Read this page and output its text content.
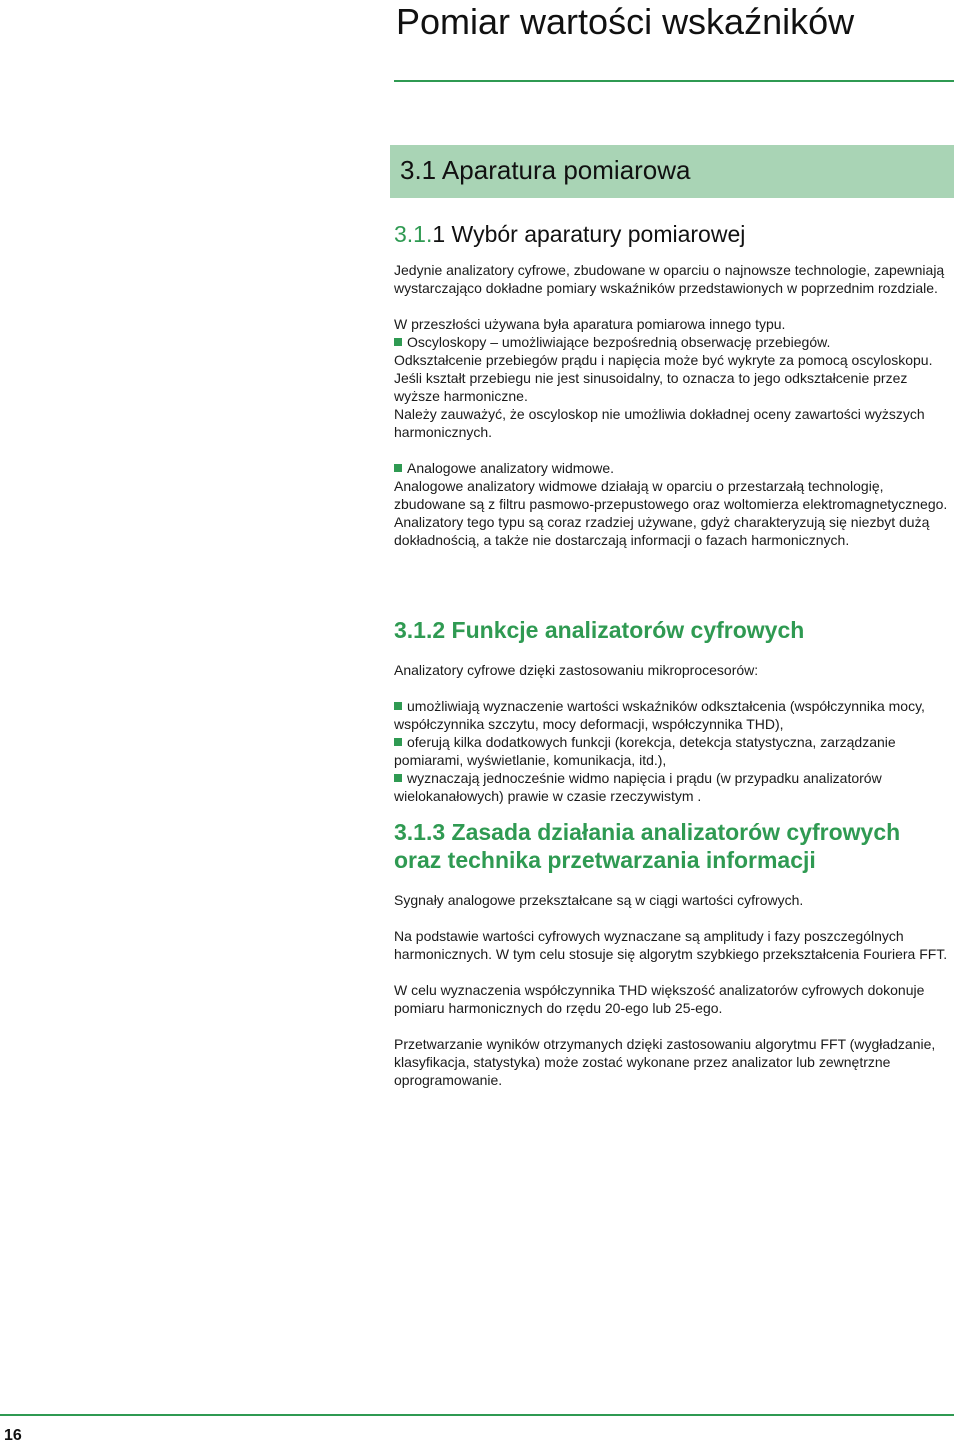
Pomiar wartości wskaźników
3.1 Aparatura pomiarowa
3.1.1 Wybór aparatury pomiarowej

Jedynie analizatory cyfrowe, zbudowane w oparciu o najnowsze technologie, zapewniają wystarczająco dokładne pomiary wskaźników przedstawionych w poprzednim rozdziale.

W przeszłości używana była aparatura pomiarowa innego typu.

Oscyloskopy – umożliwiające bezpośrednią obserwację przebiegów.

Odkształcenie przebiegów prądu i napięcia może być wykryte za pomocą oscyloskopu. Jeśli kształt przebiegu nie jest sinusoidalny, to oznacza to jego odkształcenie przez wyższe harmoniczne.

Należy zauważyć, że oscyloskop nie umożliwia dokładnej oceny zawartości wyższych harmonicznych.

Analogowe analizatory widmowe.

Analogowe analizatory widmowe działają w oparciu o przestarzałą technologię, zbudowane są z filtru pasmowo-przepustowego oraz woltomierza elektromagnetycznego.

Analizatory tego typu są coraz rzadziej używane, gdyż charakteryzują się niezbyt dużą dokładnością, a także nie dostarczają informacji o fazach harmonicznych.

3.1.2 Funkcje analizatorów cyfrowych

Analizatory cyfrowe dzięki zastosowaniu mikroprocesorów:

umożliwiają wyznaczenie wartości wskaźników odkształcenia (współczynnika mocy, współczynnika szczytu, mocy deformacji, współczynnika THD),

oferują kilka dodatkowych funkcji (korekcja, detekcja statystyczna, zarządzanie pomiarami, wyświetlanie, komunikacja, itd.),

wyznaczają jednocześnie widmo napięcia i prądu (w przypadku analizatorów wielokanałowych) prawie w czasie rzeczywistym .

3.1.3 Zasada działania analizatorów cyfrowych
oraz technika przetwarzania informacji

Sygnały analogowe przekształcane są w ciągi wartości cyfrowych.

Na podstawie wartości cyfrowych wyznaczane są amplitudy i fazy poszczególnych harmonicznych. W tym celu stosuje się algorytm szybkiego przekształcenia Fouriera FFT.

W celu wyznaczenia współczynnika THD większość analizatorów cyfrowych dokonuje pomiaru harmonicznych do rzędu 20-ego lub 25-ego.

Przetwarzanie wyników otrzymanych dzięki zastosowaniu algorytmu FFT (wygładzanie, klasyfikacja, statystyka) może zostać wykonane przez analizator lub zewnętrzne oprogramowanie.

16
